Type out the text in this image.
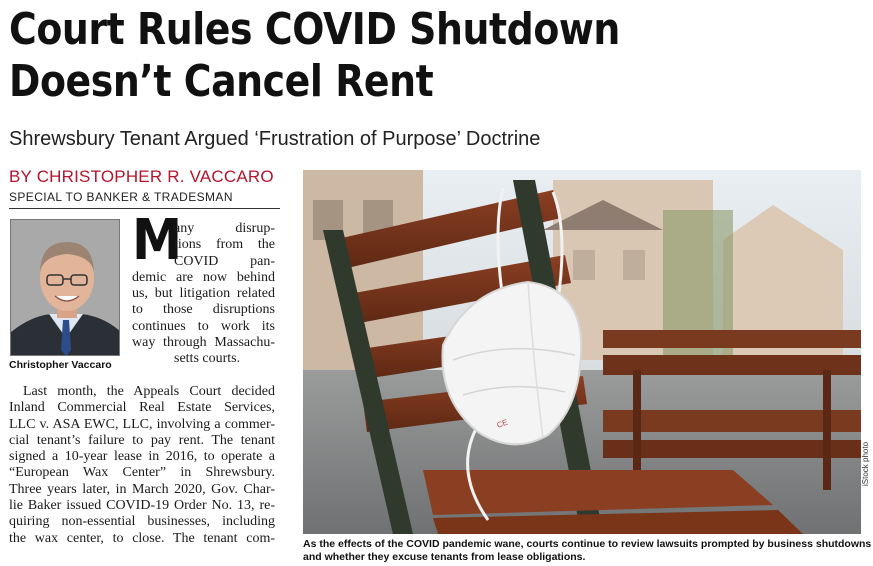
Court Rules COVID Shutdown
Doesn’t Cancel Rent
Shrewsbury Tenant Argued ‘Frustration of Purpose’ Doctrine
BY CHRISTOPHER R. VACCARO
SPECIAL TO BANKER & TRADESMAN
Christopher Vaccaro
M
any disrup-
tions from the
COVID pan-
demic are now behind
us, but litigation related
to those disruptions
continues to work its
way through Massachu-
setts courts.
Last month, the Appeals Court decided
Inland Commercial Real Estate Services,
LLC v. ASA EWC, LLC, involving a commer-
cial tenant’s failure to pay rent. The tenant
signed a 10-year lease in 2016, to operate a
“European Wax Center” in Shrewsbury.
Three years later, in March 2020, Gov. Char-
lie Baker issued COVID-19 Order No. 13, re-
quiring non-essential businesses, including
the wax center, to close. The tenant com-
CE
iStock photo
As the effects of the COVID pandemic wane, courts continue to review lawsuits prompted by business shutdowns
and whether they excuse tenants from lease obligations.
